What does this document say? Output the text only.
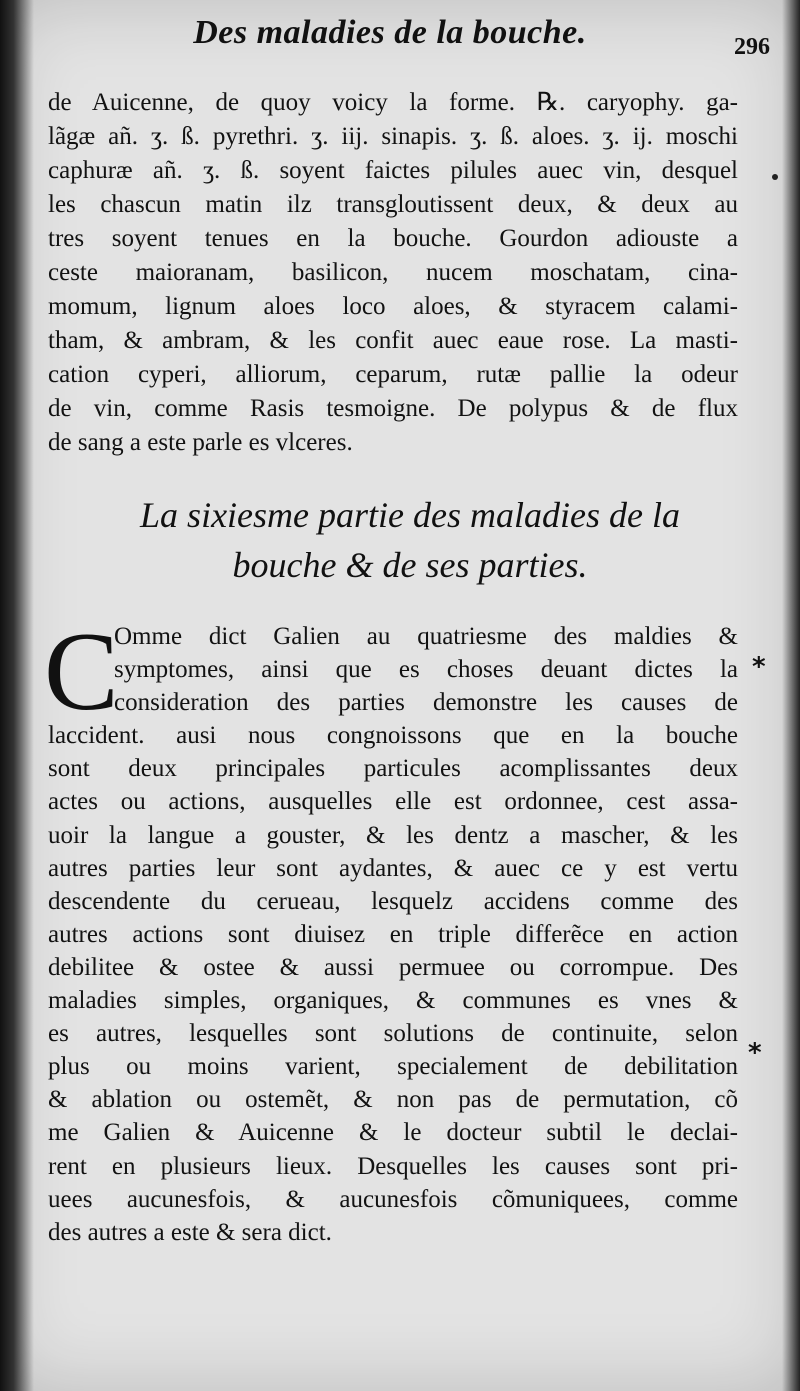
Des maladies de la bouche.	296
de Auicenne, de quoy voicy la forme. ℞. caryophy. ga-
lãgæ añ. ʒ. ß. pyrethri. ʒ. iij. sinapis. ʒ. ß. aloes. ʒ. ij. moschi
caphuræ añ. ʒ. ß. soyent faictes pilules auec vin, desquel
les chascun matin ilz transgloutissent deux, & deux au
tres soyent tenues en la bouche. Gourdon adiouste a
ceste maioranam, basilicon, nucem moschatam, cina-
momum, lignum aloes loco aloes, & styracem calami-
tham, & ambram, & les confit auec eaue rose. La masti-
cation cyperi, alliorum, ceparum, rutæ pallie la odeur
de vin, comme Rasis tesmoigne. De polypus & de flux
de sang a este parle es vlceres.
La sixiesme partie des maladies de la
bouche & de ses parties.
C
Omme dict Galien au quatriesme des maldies &
symptomes, ainsi que es choses deuant dictes la
consideration des parties demonstre les causes de
laccident. ausi nous congnoissons que en la bouche
sont deux principales particules acomplissantes deux
actes ou actions, ausquelles elle est ordonnee, cest assa-
uoir la langue a gouster, & les dentz a mascher, & les
autres parties leur sont aydantes, & auec ce y est vertu
descendente du cerueau, lesquelz accidens comme des
autres actions sont diuisez en triple differẽce en action
debilitee & ostee & aussi permuee ou corrompue. Des
maladies simples, organiques, & communes es vnes &
es autres, lesquelles sont solutions de continuite, selon
plus ou moins varient, specialement de debilitation
& ablation ou ostemẽt, & non pas de permutation, cõ
me Galien & Auicenne & le docteur subtil le declai-
rent en plusieurs lieux. Desquelles les causes sont pri-
uees aucunesfois, & aucunesfois cõmuniquees, comme
des autres a este & sera dict.
*
*
